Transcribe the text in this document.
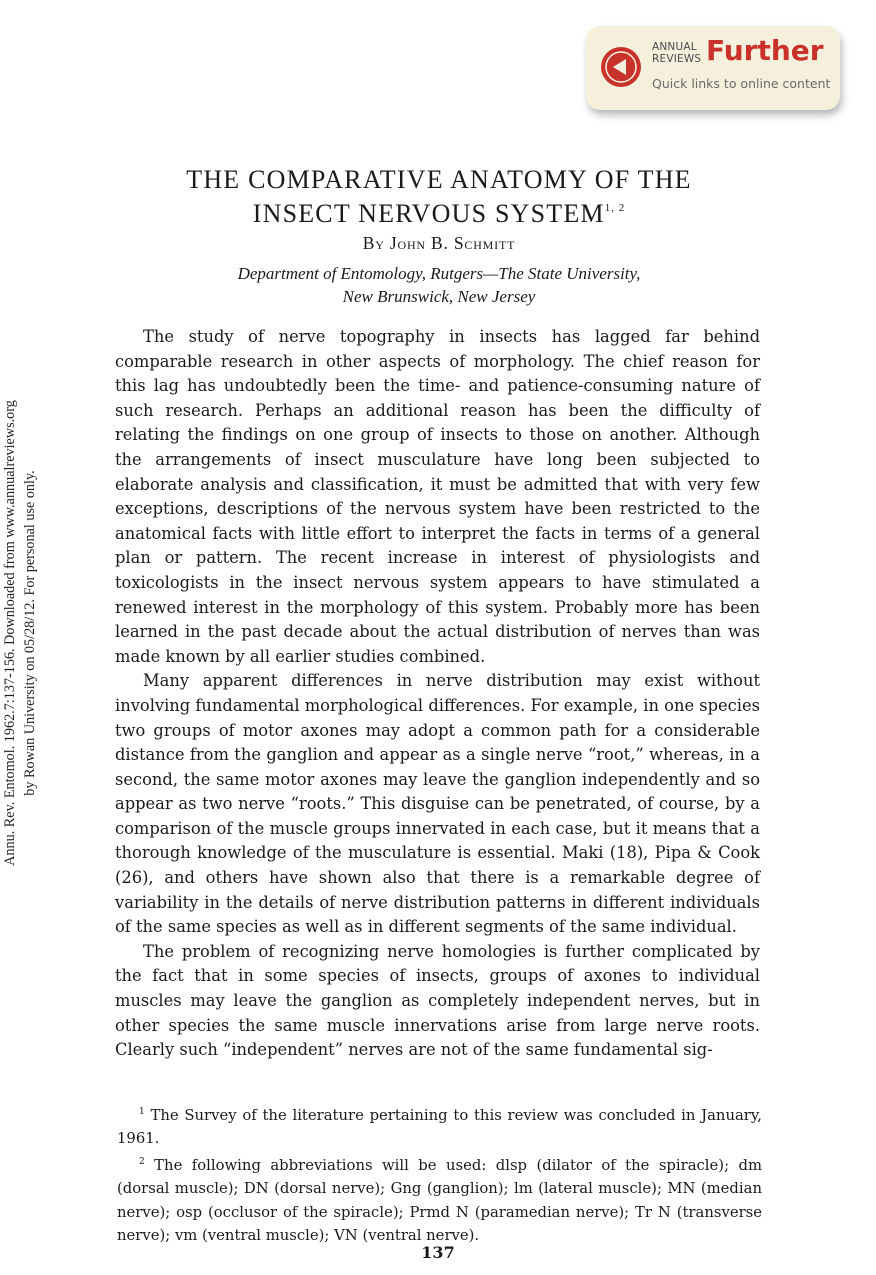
ANNUAL
REVIEWS Further
Quick links to online content
Annu. Rev. Entomol. 1962.7:137-156. Downloaded from www.annualreviews.org by Rowan University on 05/28/12. For personal use only.
THE COMPARATIVE ANATOMY OF THE
INSECT NERVOUS SYSTEM$^{1, 2}$
By John B. Schmitt
Department of Entomology, Rutgers—The State University,
New Brunswick, New Jersey

The study of nerve topography in insects has lagged far behind comparable research in other aspects of morphology. The chief reason for this lag has undoubtedly been the time- and patience-consuming nature of such research. Perhaps an additional reason has been the difficulty of relating the findings on one group of insects to those on another. Although the arrangements of insect musculature have long been subjected to elaborate analysis and classification, it must be admitted that with very few exceptions, descriptions of the nervous system have been restricted to the anatomical facts with little effort to interpret the facts in terms of a general plan or pattern. The recent increase in interest of physiologists and toxicologists in the insect nervous system appears to have stimulated a renewed interest in the morphology of this system. Probably more has been learned in the past decade about the actual distribution of nerves than was made known by all earlier studies combined.

Many apparent differences in nerve distribution may exist without involving fundamental morphological differences. For example, in one species two groups of motor axones may adopt a common path for a considerable distance from the ganglion and appear as a single nerve “root,” whereas, in a second, the same motor axones may leave the ganglion independently and so appear as two nerve “roots.” This disguise can be penetrated, of course, by a comparison of the muscle groups innervated in each case, but it means that a thorough knowledge of the musculature is essential. Maki (18), Pipa & Cook (26), and others have shown also that there is a remarkable degree of variability in the details of nerve distribution patterns in different individuals of the same species as well as in different segments of the same individual.

The problem of recognizing nerve homologies is further complicated by the fact that in some species of insects, groups of axones to individual muscles may leave the ganglion as completely independent nerves, but in other species the same muscle innervations arise from large nerve roots. Clearly such “independent” nerves are not of the same fundamental sig-

$^1$ The Survey of the literature pertaining to this review was concluded in January, 1961.

$^2$ The following abbreviations will be used: dlsp (dilator of the spiracle); dm (dorsal muscle); DN (dorsal nerve); Gng (ganglion); lm (lateral muscle); MN (median nerve); osp (occlusor of the spiracle); Prmd N (paramedian nerve); Tr N (transverse nerve); vm (ventral muscle); VN (ventral nerve).

137
